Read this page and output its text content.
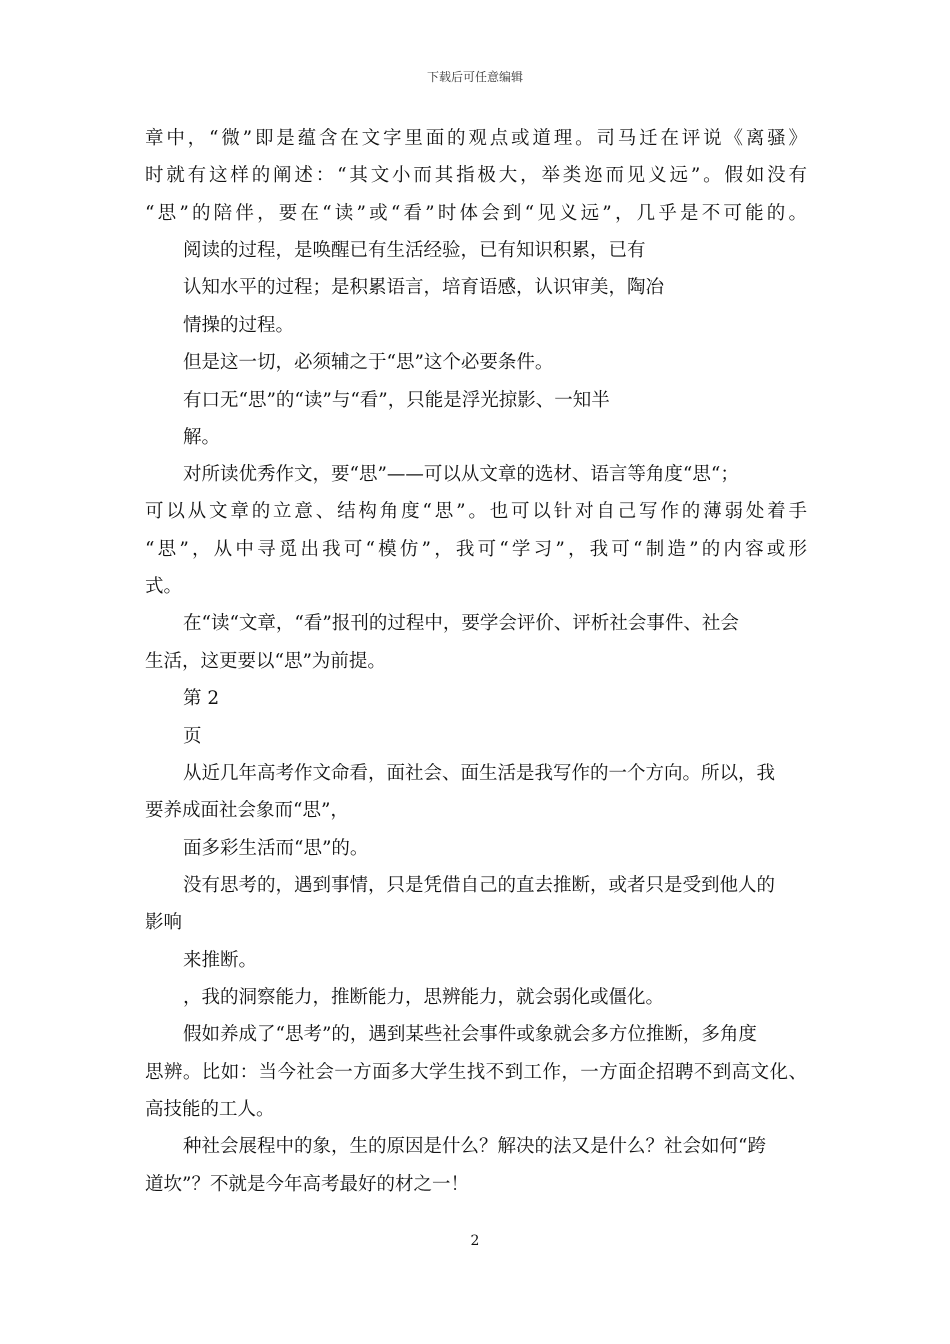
下载后可任意编辑
章中，“微”即是蕴含在文字里面的观点或道理。司马迁在评说《离骚》
时就有这样的阐述：“其文小而其指极大，举类迩而见义远”。假如没有
“思”的陪伴，要在“读”或“看”时体会到“见义远”，几乎是不可能的。
阅读的过程，是唤醒已有生活经验，已有知识积累，已有
认知水平的过程；是积累语言，培育语感，认识审美，陶冶
情操的过程。
但是这一切，必须辅之于“思”这个必要条件。
有口无“思”的“读”与“看”，只能是浮光掠影、一知半
解。
对所读优秀作文，要“思”——可以从文章的选材、语言等角度“思“；
可以从文章的立意、结构角度“思”。也可以针对自己写作的薄弱处着手
“思”，从中寻觅出我可“模仿”，我可“学习”，我可“制造”的内容或形
式。
在“读“文章，“看”报刊的过程中，要学会评价、评析社会事件、社会
生活，这更要以“思”为前提。
第 2
页
从近几年高考作文命看，面社会、面生活是我写作的一个方向。所以，我
要养成面社会象而“思”，
面多彩生活而“思”的。
没有思考的，遇到事情，只是凭借自己的直去推断，或者只是受到他人的
影响
来推断。
，我的洞察能力，推断能力，思辨能力，就会弱化或僵化。
假如养成了“思考”的，遇到某些社会事件或象就会多方位推断，多角度
思辨。比如：当今社会一方面多大学生找不到工作，一方面企招聘不到高文化、
高技能的工人。
种社会展程中的象，生的原因是什么？解决的法又是什么？社会如何“跨
道坎”？不就是今年高考最好的材之一！
2
